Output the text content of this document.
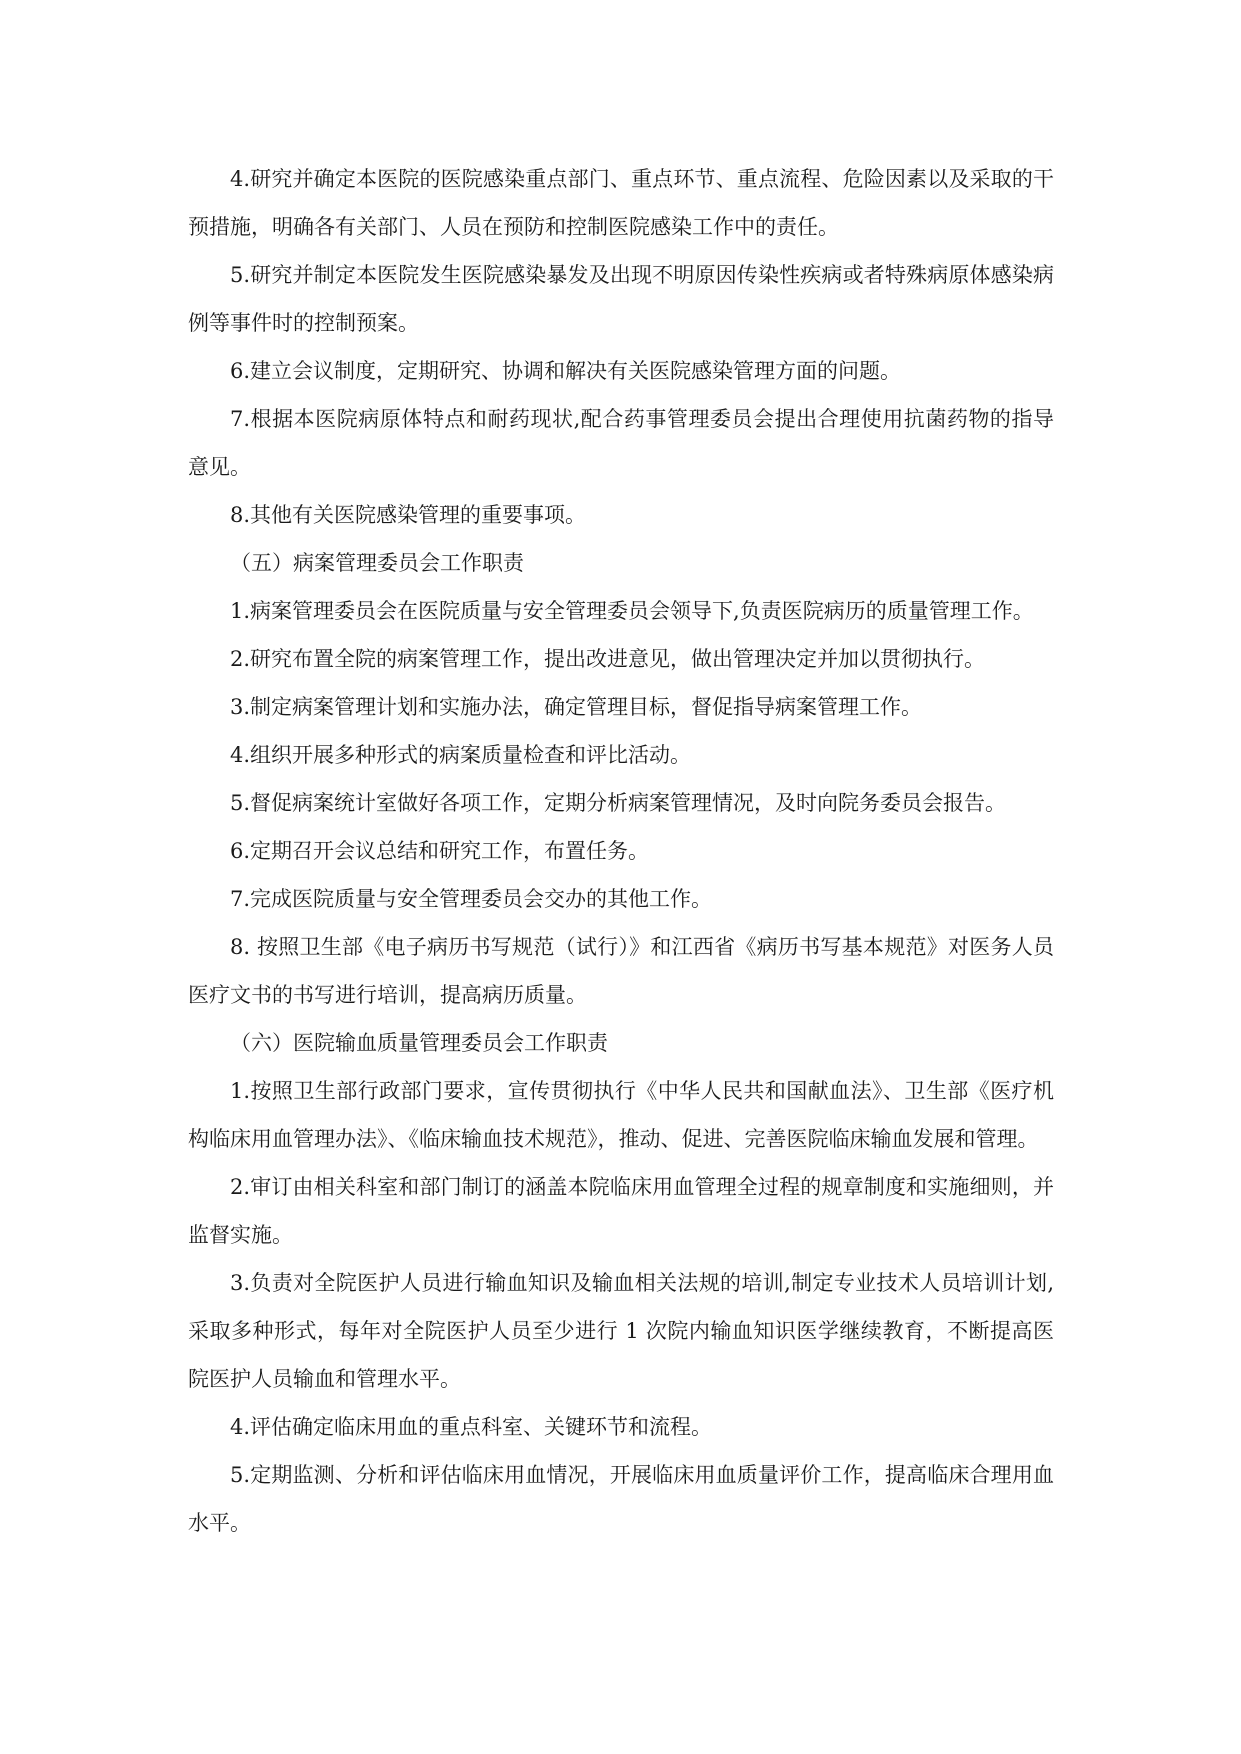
4.研究并确定本医院的医院感染重点部门、重点环节、重点流程、危险因素以及采取的干预措施，明确各有关部门、人员在预防和控制医院感染工作中的责任。

5.研究并制定本医院发生医院感染暴发及出现不明原因传染性疾病或者特殊病原体感染病例等事件时的控制预案。

6.建立会议制度，定期研究、协调和解决有关医院感染管理方面的问题。

7.根据本医院病原体特点和耐药现状,配合药事管理委员会提出合理使用抗菌药物的指导意见。

8.其他有关医院感染管理的重要事项。

（五）病案管理委员会工作职责

1.病案管理委员会在医院质量与安全管理委员会领导下,负责医院病历的质量管理工作。

2.研究布置全院的病案管理工作，提出改进意见，做出管理决定并加以贯彻执行。

3.制定病案管理计划和实施办法，确定管理目标，督促指导病案管理工作。

4.组织开展多种形式的病案质量检查和评比活动。

5.督促病案统计室做好各项工作，定期分析病案管理情况，及时向院务委员会报告。

6.定期召开会议总结和研究工作，布置任务。

7.完成医院质量与安全管理委员会交办的其他工作。

8. 按照卫生部《电子病历书写规范（试行）》和江西省《病历书写基本规范》对医务人员医疗文书的书写进行培训，提高病历质量。

（六）医院输血质量管理委员会工作职责

1.按照卫生部行政部门要求，宣传贯彻执行《中华人民共和国献血法》、卫生部《医疗机构临床用血管理办法》、《临床输血技术规范》，推动、促进、完善医院临床输血发展和管理。

2.审订由相关科室和部门制订的涵盖本院临床用血管理全过程的规章制度和实施细则，并监督实施。

3.负责对全院医护人员进行输血知识及输血相关法规的培训,制定专业技术人员培训计划,采取多种形式，每年对全院医护人员至少进行 1 次院内输血知识医学继续教育，不断提高医院医护人员输血和管理水平。

4.评估确定临床用血的重点科室、关键环节和流程。

5.定期监测、分析和评估临床用血情况，开展临床用血质量评价工作，提高临床合理用血水平。
